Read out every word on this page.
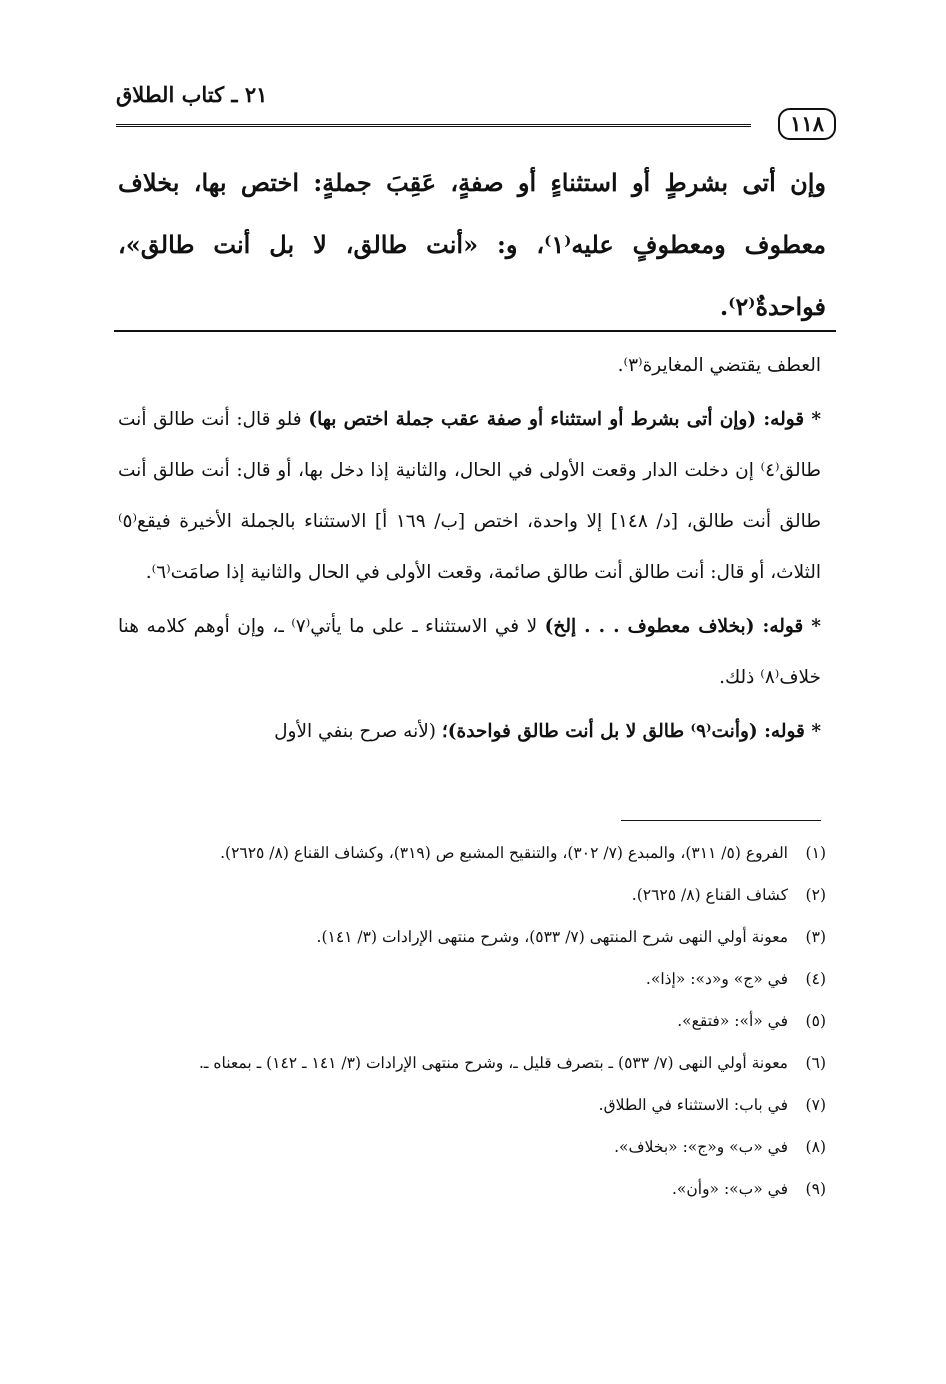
٢١ ـ كتاب الطلاق
١١٨

وإن أتى بشرطٍ أو استثناءٍ أو صفةٍ، عَقِبَ جملةٍ: اختص بها، بخلاف معطوف ومعطوفٍ عليه⁽١⁾، و: «أنت طالق، لا بل أنت طالق»، فواحدةٌ⁽٢⁾.

العطف يقتضي المغايرة⁽٣⁾.

* قوله: (وإن أتى بشرط أو استثناء أو صفة عقب جملة اختص بها) فلو قال: أنت طالق أنت طالق⁽٤⁾ إن دخلت الدار وقعت الأولى في الحال، والثانية إذا دخل بها، أو قال: أنت طالق أنت طالق أنت طالق، [د/ ١٤٨] إلا واحدة، اختص [ب/ ١٦٩ أ] الاستثناء بالجملة الأخيرة فيقع⁽٥⁾ الثلاث، أو قال: أنت طالق أنت طالق صائمة، وقعت الأولى في الحال والثانية إذا صامَت⁽٦⁾.

* قوله: (بخلاف معطوف . . . إلخ) لا في الاستثناء ـ على ما يأتي⁽٧⁾ ـ، وإن أوهم كلامه هنا خلاف⁽٨⁾ ذلك.

* قوله: (وأنت⁽٩⁾ طالق لا بل أنت طالق فواحدة)؛ (لأنه صرح بنفي الأول

(١)
الفروع (٥/ ٣١١)، والمبدع (٧/ ٣٠٢)، والتنقيح المشبع ص (٣١٩)، وكشاف القناع (٨/ ٢٦٢٥).
(٢)
كشاف القناع (٨/ ٢٦٢٥).
(٣)
معونة أولي النهى شرح المنتهى (٧/ ٥٣٣)، وشرح منتهى الإرادات (٣/ ١٤١).
(٤)
في «ج» و«د»: «إذا».
(٥)
في «أ»: «فتقع».
(٦)
معونة أولي النهى (٧/ ٥٣٣) ـ بتصرف قليل ـ، وشرح منتهى الإرادات (٣/ ١٤١ ـ ١٤٢) ـ بمعناه ـ.
(٧)
في باب: الاستثناء في الطلاق.
(٨)
في «ب» و«ج»: «بخلاف».
(٩)
في «ب»: «وأن».
